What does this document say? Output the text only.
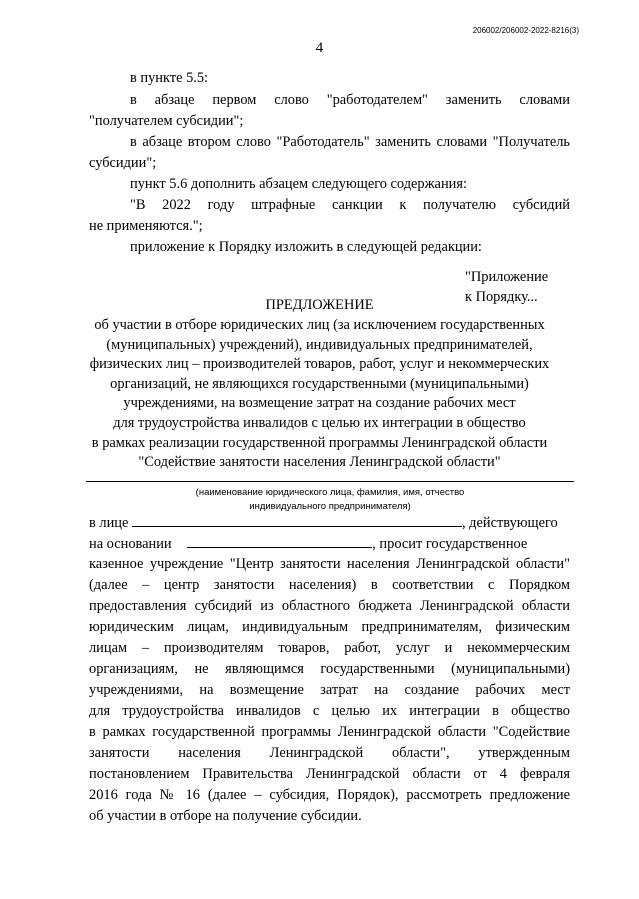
206002/206002-2022-8216(3)
4
в пункте 5.5:
в абзаце первом слово "работодателем" заменить словами
"получателем субсидии";
в абзаце втором слово "Работодатель" заменить словами "Получатель
субсидии";
пункт 5.6 дополнить абзацем следующего содержания:
"В 2022 году штрафные санкции к получателю субсидий
не применяются.";
приложение к Порядку изложить в следующей редакции:
"Приложение
к Порядку...
ПРЕДЛОЖЕНИЕ
об участии в отборе юридических лиц (за исключением государственных
(муниципальных) учреждений), индивидуальных предпринимателей,
физических лиц – производителей товаров, работ, услуг и некоммерческих
организаций, не являющихся государственными (муниципальными)
учреждениями, на возмещение затрат на создание рабочих мест
для трудоустройства инвалидов с целью их интеграции в общество
в рамках реализации государственной программы Ленинградской области
"Содействие занятости населения Ленинградской области"
(наименование юридического лица, фамилия, имя, отчество
индивидуального предпринимателя)
в лице	, действующего
на основании	, просит государственное
казенное учреждение "Центр занятости населения Ленинградской области"
(далее – центр занятости населения) в соответствии с Порядком
предоставления субсидий из областного бюджета Ленинградской области
юридическим лицам, индивидуальным предпринимателям, физическим
лицам – производителям товаров, работ, услуг и некоммерческим
организациям, не являющимся государственными (муниципальными)
учреждениями, на возмещение затрат на создание рабочих мест
для трудоустройства инвалидов с целью их интеграции в общество
в рамках государственной программы Ленинградской области "Содействие
занятости населения Ленинградской области", утвержденным
постановлением Правительства Ленинградской области от 4 февраля
2016 года № 16 (далее – субсидия, Порядок), рассмотреть предложение
об участии в отборе на получение субсидии.
